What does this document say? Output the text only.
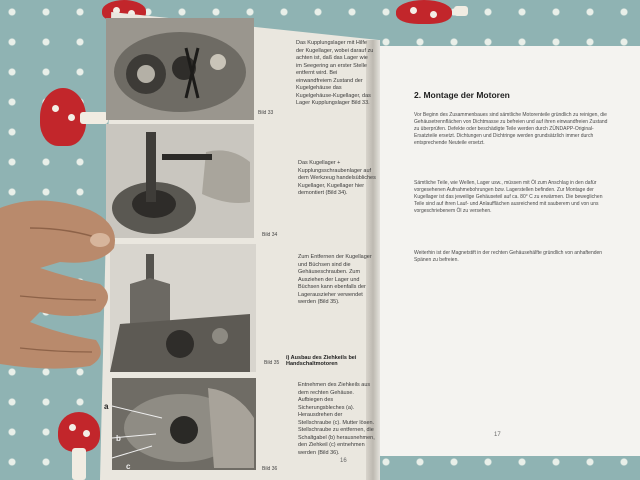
Bild 33
Bild 34
Bild 35
Bild 36
Das Kupplungslager mit Hilfe der Kugellager, wobei darauf zu achten ist, daß das Lager wie im Seegering an erster Stelle entfernt wird. Bei einwandfreiem Zustand der Kugelgehäuse das Kugelgehäuse-Kugellager, das Lager Kupplungslager Bild 33.
Das Kugellager + Kupplungsschraubenlager auf dem Werkzeug handelsübliches Kugellager, Kugellager hier demontiert (Bild 34).
Zum Entfernen der Kugellager und Büchsen sind die Gehäuseschrauben. Zum Ausziehen der Lager und Büchsen kann ebenfalls der Lagerauszieher verwendet werden (Bild 35).
i) Ausbau des Ziehkeils bei Handschaltmotoren
Entnehmen des Ziehkeils aus dem rechten Gehäuse. Aufbiegen des Sicherungsbleches (a). Herausdrehen der Stellschraube (c). Mutter lösen. Stellschraube zu entfernen, die Schaltgabel (b) herausnehmen, den Ziehkeil (c) entnehmen werden (Bild 36).
16
a
b
c
2. Montage der Motoren
Vor Beginn des Zusammenbaues sind sämtliche Motorenteile gründlich zu reinigen, die Gehäusetrennflächen von Dichtmasse zu befreien und auf ihren einwandfreien Zustand zu überprüfen. Defekte oder beschädigte Teile werden durch ZÜNDAPP-Original-Ersatzteile ersetzt. Dichtungen und Dichtringe werden grundsätzlich immer durch entsprechende Neuteile ersetzt.
Sämtliche Teile, wie Wellen, Lager usw., müssen mit Öl zum Anschlag in den dafür vorgesehenen Aufnahmebohrungen bzw. Lagerstellen befinden. Zur Montage der Kugellager ist das jeweilige Gehäuseteil auf ca. 80° C zu erwärmen. Die beweglichen Teile sind auf ihren Lauf- und Anlaufflächen ausreichend mit sauberem und von uns vorgeschriebenem Öl zu versehen.
Weiterhin ist der Magnetstift in der rechten Gehäusehälfte gründlich von anhaftenden Spänen zu befreien.
17
